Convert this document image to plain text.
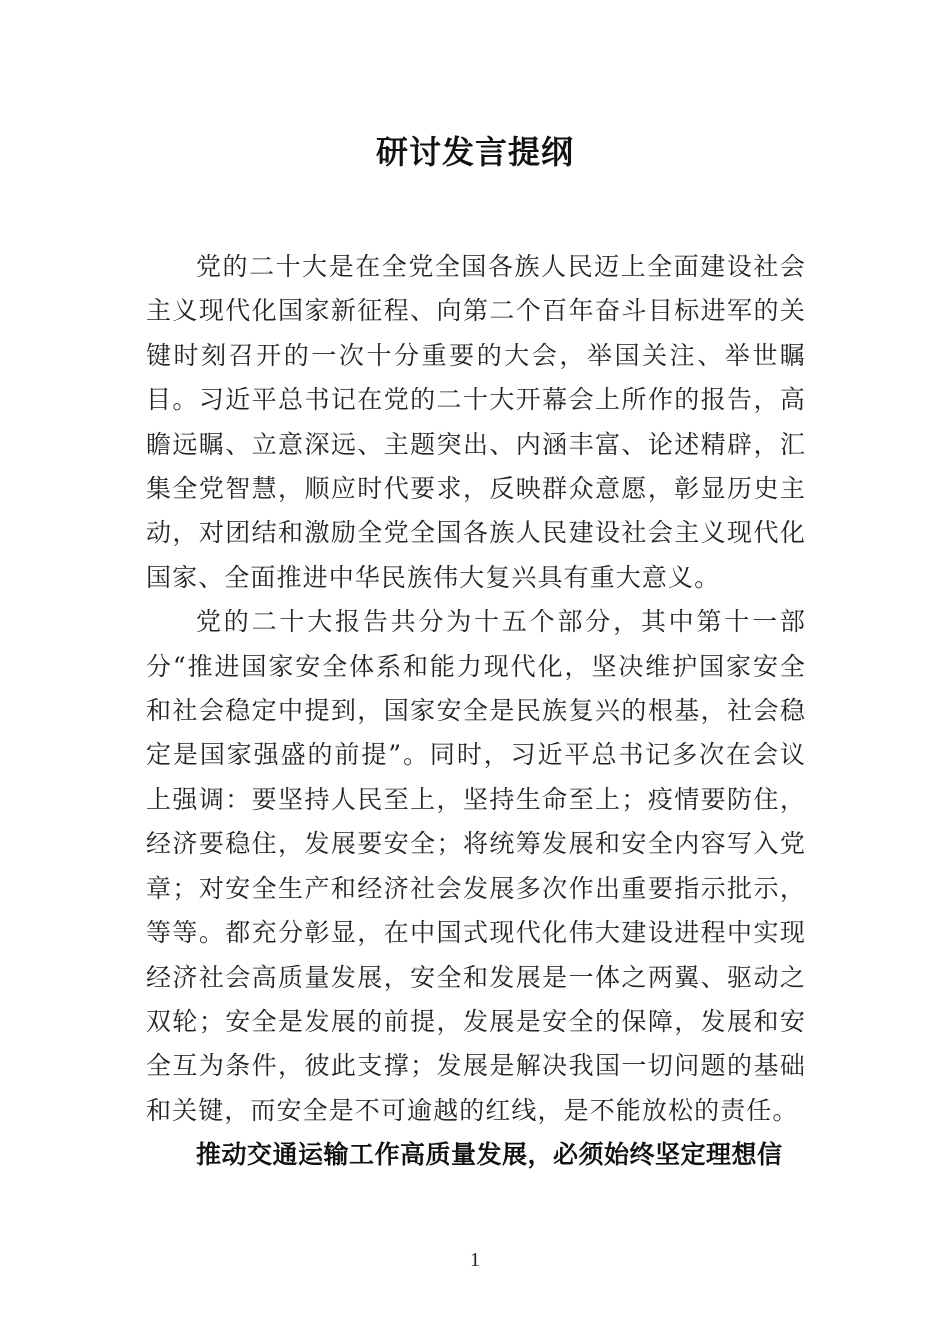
研讨发言提纲

党的二十大是在全党全国各族人民迈上全面建设社会主义现代化国家新征程、向第二个百年奋斗目标进军的关键时刻召开的一次十分重要的大会，举国关注、举世瞩目。习近平总书记在党的二十大开幕会上所作的报告，高瞻远瞩、立意深远、主题突出、内涵丰富、论述精辟，汇集全党智慧，顺应时代要求，反映群众意愿，彰显历史主动，对团结和激励全党全国各族人民建设社会主义现代化国家、全面推进中华民族伟大复兴具有重大意义。

党的二十大报告共分为十五个部分，其中第十一部分“推进国家安全体系和能力现代化，坚决维护国家安全和社会稳定中提到，国家安全是民族复兴的根基，社会稳定是国家强盛的前提”。同时，习近平总书记多次在会议上强调：要坚持人民至上，坚持生命至上；疫情要防住，经济要稳住，发展要安全；将统筹发展和安全内容写入党章；对安全生产和经济社会发展多次作出重要指示批示，等等。都充分彰显，在中国式现代化伟大建设进程中实现经济社会高质量发展，安全和发展是一体之两翼、驱动之双轮；安全是发展的前提，发展是安全的保障，发展和安全互为条件，彼此支撑；发展是解决我国一切问题的基础和关键，而安全是不可逾越的红线，是不能放松的责任。

推动交通运输工作高质量发展，必须始终坚定理想信

1
